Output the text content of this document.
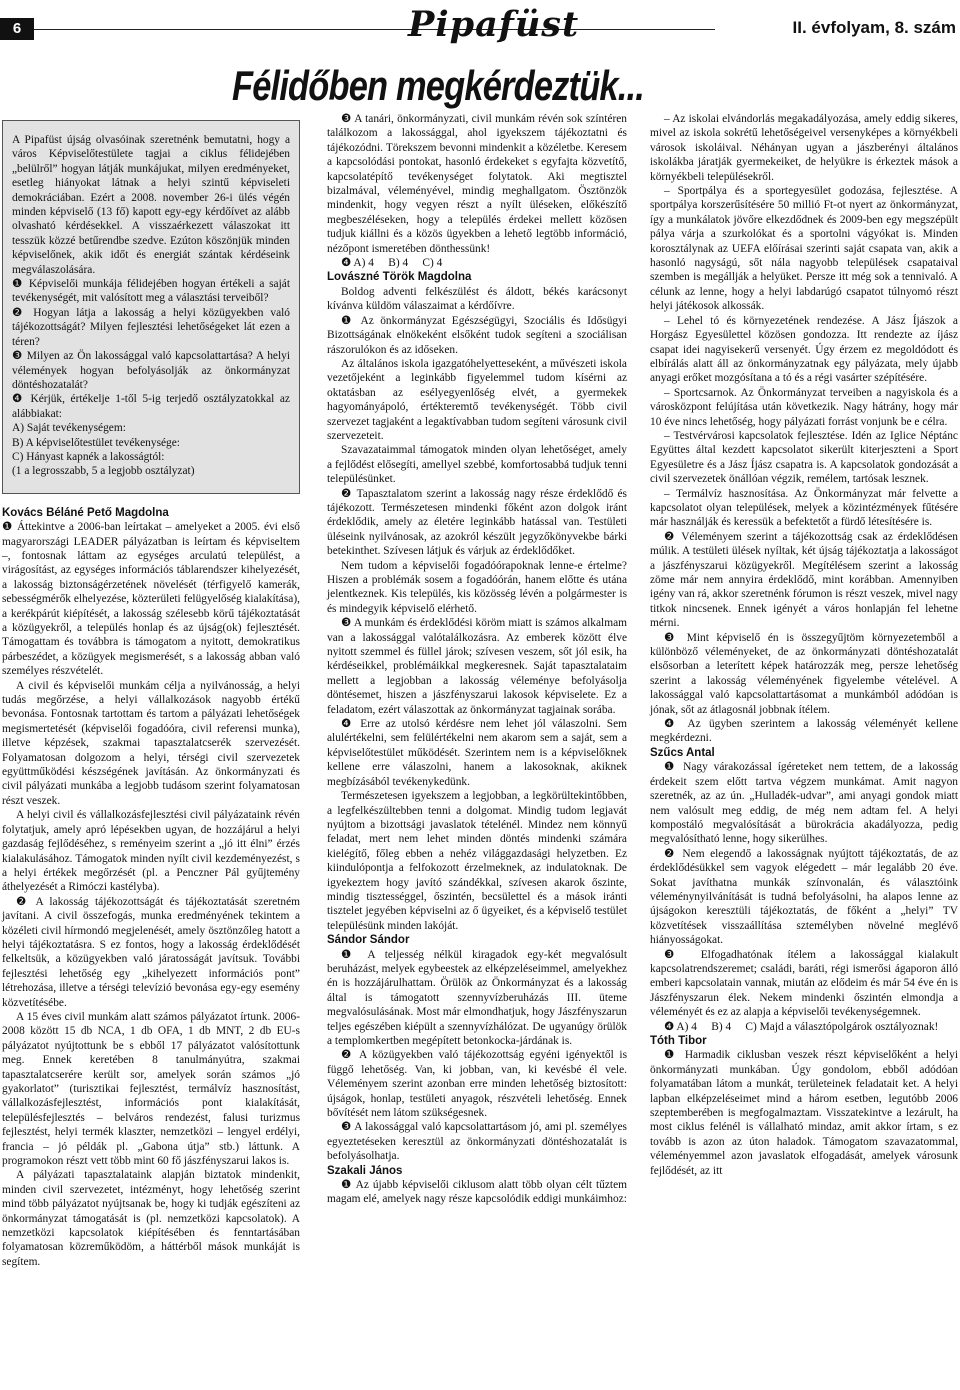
6	Pipafüst	II. évfolyam, 8. szám
Félidőben megkérdeztük...

A Pipafüst újság olvasóinak szeretnénk bemutatni, hogy a város Képviselőtestülete tagjai a ciklus félidejében „belülről” hogyan látják munkájukat, milyen eredményeket, esetleg hiányokat látnak a helyi szintű képviseleti demokráciában. Ezért a 2008. november 26-i ülés végén minden képviselő (13 fő) kapott egy-egy kérdőívet az alább olvasható kérdésekkel. A visszaérkezett válaszokat itt tesszük közzé betűrendbe szedve. Ezúton köszönjük minden képviselőnek, akik időt és energiát szántak kérdéseink megválaszolására.

❶ Képviselői munkája félidejében hogyan értékeli a saját tevékenységét, mit valósított meg a választási terveiből?

❷ Hogyan látja a lakosság a helyi közügyekben való tájékozottságát? Milyen fejlesztési lehetőségeket lát ezen a téren?

❸ Milyen az Ön lakossággal való kapcsolattartása? A helyi vélemények hogyan befolyásolják az önkormányzat döntéshozatalát?

❹ Kérjük, értékelje 1-től 5-ig terjedő osztályzatokkal az alábbiakat:

A) Saját tevékenységem:

B) A képviselőtestület tevékenysége:

C) Hányast kapnék a lakosságtól:

(1 a legrosszabb, 5 a legjobb osztályzat)

Kovács Béláné Pető Magdolna

❶ Áttekintve a 2006-ban leírtakat – amelyeket a 2005. évi első magyarországi LEADER pályázatban is leírtam és képviseltem –, fontosnak láttam az egységes arculatú települést, a virágosítást, az egységes információs táblarendszer kihelyezését, a lakosság biztonságérzetének növelését (térfigyelő kamerák, sebességmérők elhelyezése, közterületi felügyelőség kialakítása), a kerékpárút kiépítését, a lakosság szélesebb körű tájékoztatását a közügyekről, a település honlap és az újság(ok) fejlesztését. Támogattam és továbbra is támogatom a nyitott, demokratikus párbeszédet, a közügyek megismerését, s a lakosság abban való személyes részvételét.

A civil és képviselői munkám célja a nyilvánosság, a helyi tudás megőrzése, a helyi vállalkozások nagyobb értékű bevonása. Fontosnak tartottam és tartom a pályázati lehetőségek megismertetését (képviselői fogadóóra, civil referensi munka), illetve képzések, szakmai tapasztalatcserék szervezését. Folyamatosan dolgozom a helyi, térségi civil szervezetek együttműködési készségének javításán. Az önkormányzati és civil pályázati munkába a legjobb tudásom szerint folyamatosan részt veszek.

A helyi civil és vállalkozásfejlesztési civil pályázataink révén folytatjuk, amely apró lépésekben ugyan, de hozzájárul a helyi gazdaság fejlődéséhez, s reményeim szerint a „jó itt élni” érzés kialakulásához. Támogatok minden nyílt civil kezdeményezést, s a helyi értékek megőrzését (pl. a Penczner Pál gyűjtemény áthelyezését a Rimóczi kastélyba).

❷ A lakosság tájékozottságát és tájékoztatását szeretném javítani. A civil összefogás, munka eredményének tekintem a közéleti civil hírmondó megjelenését, amely ösztönzőleg hatott a helyi tájékoztatásra. S ez fontos, hogy a lakosság érdeklődését felkeltsük, a közügyekben való járatosságát javítsuk. További fejlesztési lehetőség egy „kihelyezett információs pont” létrehozása, illetve a térségi televízió bevonása egy-egy esemény közvetítésébe.

A 15 éves civil munkám alatt számos pályázatot írtunk. 2006-2008 között 15 db NCA, 1 db OFA, 1 db MNT, 2 db EU-s pályázatot nyújtottunk be s ebből 17 pályázatot valósítottunk meg. Ennek keretében 8 tanulmányútra, szakmai tapasztalatcserére került sor, amelyek során számos „jó gyakorlatot” (turisztikai fejlesztést, termálvíz hasznosítást, vállalkozásfejlesztést, információs pont kialakítását, településfejlesztés – belváros rendezést, falusi turizmus fejlesztést, helyi termék klaszter, nemzetközi – lengyel erdélyi, francia – jó példák pl. „Gabona útja” stb.) láttunk. A programokon részt vett több mint 60 fő jászfényszarui lakos is.

A pályázati tapasztalataink alapján biztatok mindenkit, minden civil szervezetet, intézményt, hogy lehetőség szerint mind több pályázatot nyújtsanak be, hogy ki tudják egészíteni az önkormányzat támogatását is (pl. nemzetközi kapcsolatok). A nemzetközi kapcsolatok kiépítésében és fenntartásában folyamatosan közreműködöm, a háttérből mások munkáját is segítem.

❸ A tanári, önkormányzati, civil munkám révén sok színtéren találkozom a lakossággal, ahol igyekszem tájékoztatni és tájékozódni. Törekszem bevonni mindenkit a közéletbe. Keresem a kapcsolódási pontokat, hasonló érdekeket s egyfajta közvetítő, kapcsolatépítő tevékenységet folytatok. Aki megtisztel bizalmával, véleményével, mindig meghallgatom. Ösztönzök mindenkit, hogy vegyen részt a nyílt üléseken, előkészítő megbeszéléseken, hogy a település érdekei mellett közösen tudjuk kiállni és a közös ügyekben a lehető legtöbb információ, nézőpont ismeretében dönthessünk!

❹ A) 4     B) 4     C) 4

Lovászné Török Magdolna

Boldog adventi felkészülést és áldott, békés karácsonyt kívánva küldöm válaszaimat a kérdőívre.

❶ Az önkormányzat Egészségügyi, Szociális és Idősügyi Bizottságának elnökeként elsőként tudok segíteni a szociálisan rászorulókon és az időseken.

Az általános iskola igazgatóhelyetteseként, a művészeti iskola vezetőjeként a leginkább figyelemmel tudom kísérni az oktatásban az esélyegyenlőség elvét, a gyermekek hagyományápoló, értékteremtő tevékenységét. Több civil szervezet tagjaként a legaktívabban tudom segíteni városunk civil szervezeteit.

Szavazataimmal támogatok minden olyan lehetőséget, amely a fejlődést elősegíti, amellyel szebbé, komfortosabbá tudjuk tenni településünket.

❷ Tapasztalatom szerint a lakosság nagy része érdeklődő és tájékozott. Természetesen mindenki főként azon dolgok iránt érdeklődik, amely az életére leginkább hatással van. Testületi üléseink nyilvánosak, az azokról készült jegyzőkönyvekbe bárki betekinthet. Szívesen látjuk és várjuk az érdeklődőket.

Nem tudom a képviselői fogadóórapoknak lenne-e értelme? Hiszen a problémák sosem a fogadóórán, hanem előtte és utána jelentkeznek. Kis település, kis közösség lévén a polgármester is és mindegyik képviselő elérhető.

❸ A munkám és érdeklődési köröm miatt is számos alkalmam van a lakossággal valótalálkozásra. Az emberek között élve nyitott szemmel és füllel járok; szívesen veszem, sőt jól esik, ha kérdéseikkel, problémáikkal megkeresnek. Saját tapasztalataim mellett a legjobban a lakosság véleménye befolyásolja döntésemet, hiszen a jászfényszarui lakosok képviselete. Ez a feladatom, ezért válaszottak az önkormányzat tagjainak sorába.

❹ Erre az utolsó kérdésre nem lehet jól válaszolni. Sem alulértékelni, sem felülértékelni nem akarom sem a saját, sem a képviselőtestület működését. Szerintem nem is a képviselőknek kellene erre válaszolni, hanem a lakosoknak, akiknek megbízásából tevékenykedünk.

Természetesen igyekszem a legjobban, a legkörültekintőbben, a legfelkészültebben tenni a dolgomat. Mindig tudom legjavát nyújtom a bizottsági javaslatok tételénél. Mindez nem könnyű feladat, mert nem lehet minden döntés mindenki számára kielégítő, főleg ebben a nehéz világgazdasági helyzetben. Ez kiindulópontja a felfokozott érzelmeknek, az indulatoknak. De igyekeztem hogy javító szándékkal, szívesen akarok őszinte, mindig tisztességgel, őszintén, becsülettel és a mások iránti tisztelet jegyében képviselni az ő ügyeiket, és a képviselő testület településünk minden lakóját.

Sándor Sándor

❶ A teljesség nélkül kiragadok egy-két megvalósult beruházást, melyek egybeestek az elképzeléseimmel, amelyekhez én is hozzájárulhattam. Örülök az Önkormányzat és a lakosság által is támogatott szennyvízberuházás III. üteme megvalósulásának. Most már elmondhatjuk, hogy Jászfényszarun teljes egészében kiépült a szennyvízhálózat. De ugyanúgy örülök a templomkertben megépített betonkocka-járdának is.

❷ A közügyekben való tájékozottság egyéni igényektől is függő lehetőség. Van, ki jobban, van, ki kevésbé él vele. Véleményem szerint azonban erre minden lehetőség biztosított: újságok, honlap, testületi anyagok, részvételi lehetőség. Ennek bővítését nem látom szükségesnek.

❸ A lakossággal való kapcsolattartásom jó, ami pl. személyes egyeztetéseken keresztül az önkormányzati döntéshozatalát is befolyásolhatja.

Szakali János

❶ Az újabb képviselői ciklusom alatt több olyan célt tűztem magam elé, amelyek nagy része kapcsolódik eddigi munkáimhoz:

– Az iskolai elvándorlás megakadályozása, amely eddig sikeres, mivel az iskola sokrétű lehetőségeivel versenyképes a környékbeli városok iskoláival. Néhányan ugyan a jászberényi általános iskolákba járatják gyermekeiket, de helyükre is érkeztek mások a környékbeli településekről.

– Sportpálya és a sportegyesület godozása, fejlesztése. A sportpálya korszerűsítésére 50 millió Ft-ot nyert az önkormányzat, így a munkálatok jövőre elkezdődnek és 2009-ben egy megszépült pálya várja a szurkolókat és a sportolni vágyókat is. Minden korosztálynak az UEFA előírásai szerinti saját csapata van, akik a hasonló nagyságú, sőt nála nagyobb települések csapataival szemben is megállják a helyüket. Persze itt még sok a tennivaló. A célunk az lenne, hogy a helyi labdarúgó csapatot túlnyomó részt helyi játékosok alkossák.

– Lehel tó és környezetének rendezése. A Jász Íjászok a Horgász Egyesülettel közösen gondozza. Itt rendezte az íjász csapat idei nagyisekerű versenyét. Úgy érzem ez megoldódott és elbírálás alatt áll az önkormányzatnak egy pályázata, mely újabb anyagi erőket mozgósítana a tó és a régi vasárter szépítésére.

– Sportcsarnok. Az Önkormányzat terveiben a nagyiskola és a városközpont felújítása után következik. Nagy hátrány, hogy már 10 éve nincs lehetőség, hogy pályázati forrást vonjunk be e célra.

– Testvérvárosi kapcsolatok fejlesztése. Idén az Iglice Néptánc Együttes által kezdett kapcsolatot sikerült kiterjeszteni a Sport Egyesületre és a Jász Íjász csapatra is. A kapcsolatok gondozását a civil szervezetek önállóan végzik, remélem, tartósak lesznek.

– Termálvíz hasznosítása. Az Önkormányzat már felvette a kapcsolatot olyan települések, melyek a közintézmények fűtésére már használják és keressük a befektetőt a fürdő létesítésére is.

❷ Véleményem szerint a tájékozottság csak az érdeklődésen múlik. A testületi ülések nyíltak, két újság tájékoztatja a lakosságot a jászfényszarui közügyekről. Megítélésem szerint a lakosság zöme már nem annyira érdeklődő, mint korábban. Amennyiben igény van rá, akkor szeretnénk fórumon is részt veszek, mivel nagy titkok nincsenek. Ennek igényét a város honlapján fel lehetne mérni.

❸ Mint képviselő én is összegyűjtöm környezetemből a különböző véleményeket, de az önkormányzati döntéshozatalát elsősorban a leterített képek határozzák meg, persze lehetőség szerint a lakosság véleményének figyelembe vételével. A lakossággal való kapcsolattartásomat a munkámból adódóan is jónak, sőt az átlagosnál jobbnak ítélem.

❹ Az ügyben szerintem a lakosság véleményét kellene megkérdezni.

Szűcs Antal

❶ Nagy várakozással ígéreteket nem tettem, de a lakosság érdekeit szem előtt tartva végzem munkámat. Amit nagyon szeretnék, az az ún. „Hulladék-udvar”, ami anyagi gondok miatt nem valósult meg eddig, de még nem adtam fel. A helyi kompostáló megvalósítását a bürokrácia akadályozza, pedig megvalósítható lenne, hogy sikerülhes.

❷ Nem elegendő a lakosságnak nyújtott tájékoztatás, de az érdeklődésükkel sem vagyok elégedett – már legalább 20 éve. Sokat javíthatna munkák színvonalán, és választóink véleménynyilvánítását is tudná befolyásolni, ha alapos lenne az újságokon keresztüli tájékoztatás, de főként a „helyi” TV közvetítések visszaállítása sztemélyben növelné meglévő hiányosságokat.

❸ Elfogadhatónak ítélem a lakossággal kialakult kapcsolatrendszeremet; családi, baráti, régi ismerősi ágaporon álló emberi kapcsolatain vannak, miután az elődeim és már 54 éve én is Jászfényszarun élek. Nekem mindenki őszintén elmondja a véleményét és ez az alapja a képviselői tevékenységemnek.

❹ A) 4     B) 4     C) Majd a választópolgárok osztályoznak!

Tóth Tibor

❶ Harmadik ciklusban veszek részt képviselőként a helyi önkormányzati munkában. Úgy gondolom, ebből adódóan folyamatában látom a munkát, területeinek feladatait ket. A helyi lapban elképzeléseimet mind a három esetben, legutóbb 2006 szeptemberében is megfogalmaztam. Visszatekintve a lezárult, ha most ciklus felénél is vállalható mindaz, amit akkor írtam, s ez tovább is azon az úton haladok. Támogatom szavazatommal, véleményemmel azon javaslatok elfogadását, amelyek városunk fejlődését, az itt
